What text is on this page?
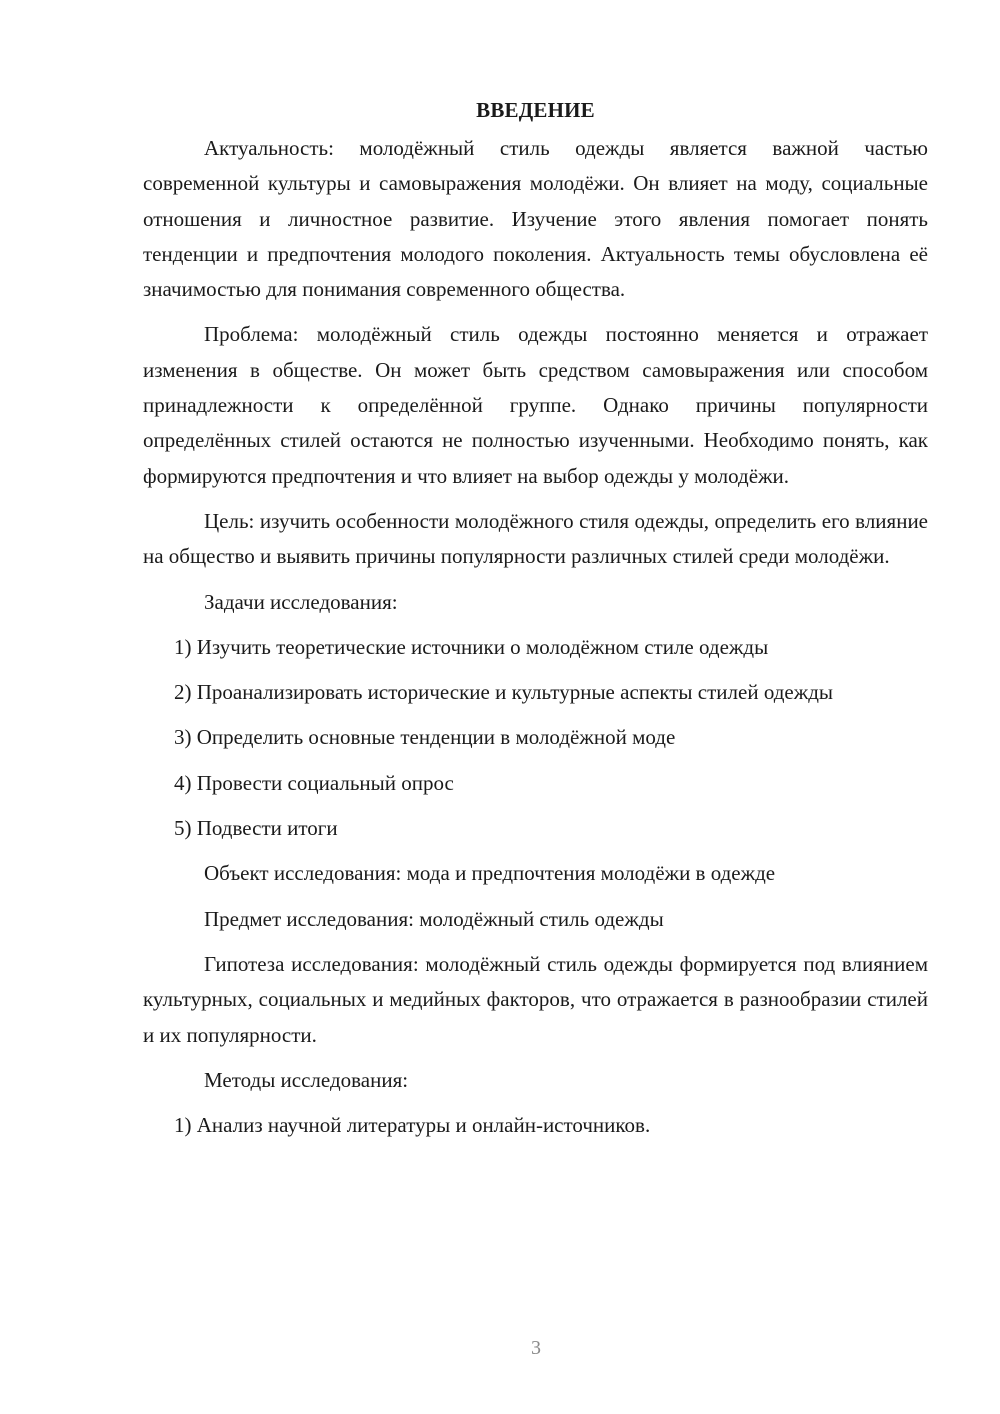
ВВЕДЕНИЕ

Актуальность: молодёжный стиль одежды является важной частью современной культуры и самовыражения молодёжи. Он влияет на моду, социальные отношения и личностное развитие. Изучение этого явления помогает понять тенденции и предпочтения молодого поколения. Актуальность темы обусловлена её значимостью для понимания современного общества.

Проблема: молодёжный стиль одежды постоянно меняется и отражает изменения в обществе. Он может быть средством самовыражения или способом принадлежности к определённой группе. Однако причины популярности определённых стилей остаются не полностью изученными. Необходимо понять, как формируются предпочтения и что влияет на выбор одежды у молодёжи.

Цель: изучить особенности молодёжного стиля одежды, определить его влияние на общество и выявить причины популярности различных стилей среди молодёжи.

Задачи исследования:

1) Изучить теоретические источники о молодёжном стиле одежды

2) Проанализировать исторические и культурные аспекты стилей одежды

3) Определить основные тенденции в молодёжной моде

4) Провести социальный опрос

5) Подвести итоги

Объект исследования: мода и предпочтения молодёжи в одежде

Предмет исследования: молодёжный стиль одежды

Гипотеза исследования: молодёжный стиль одежды формируется под влиянием культурных, социальных и медийных факторов, что отражается в разнообразии стилей и их популярности.

Методы исследования:

1) Анализ научной литературы и онлайн-источников.

3
